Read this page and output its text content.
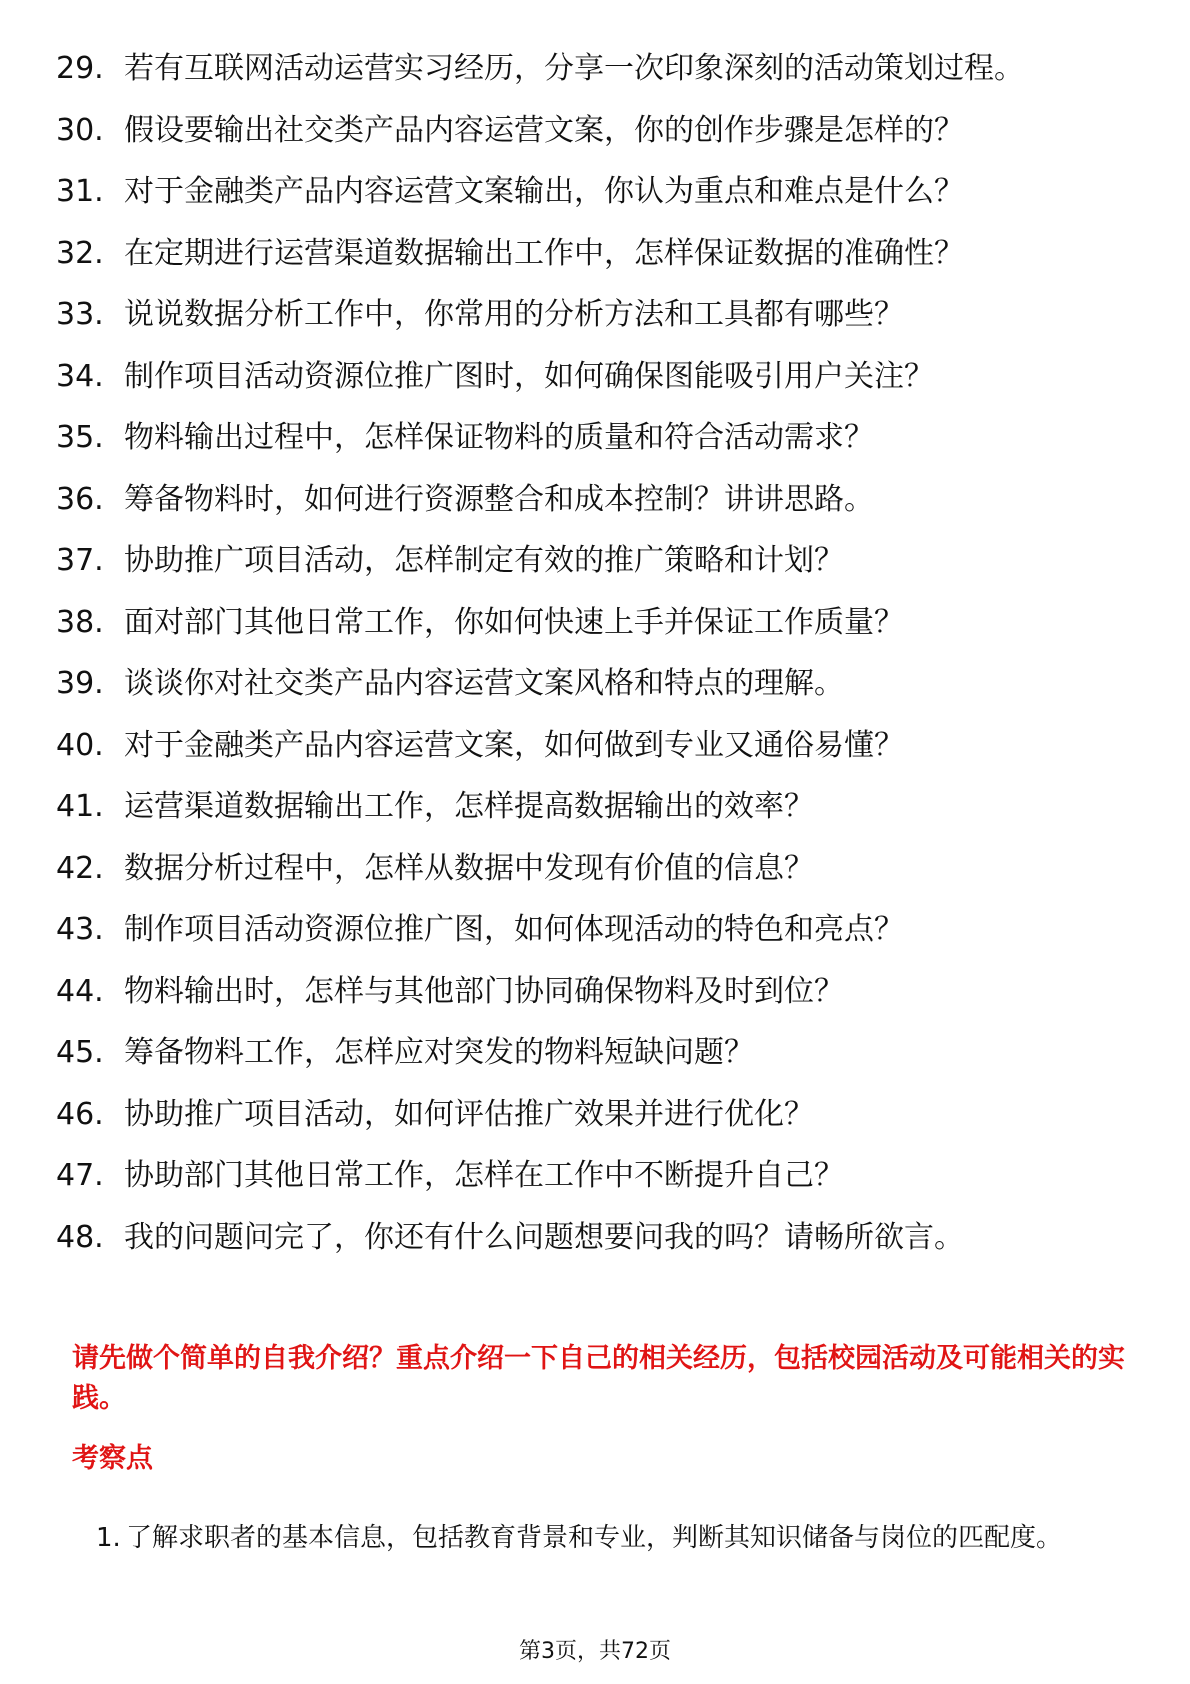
29. 若有互联网活动运营实习经历，分享一次印象深刻的活动策划过程。
30. 假设要输出社交类产品内容运营文案，你的创作步骤是怎样的？
31. 对于金融类产品内容运营文案输出，你认为重点和难点是什么？
32. 在定期进行运营渠道数据输出工作中，怎样保证数据的准确性？
33. 说说数据分析工作中，你常用的分析方法和工具都有哪些？
34. 制作项目活动资源位推广图时，如何确保图能吸引用户关注？
35. 物料输出过程中，怎样保证物料的质量和符合活动需求？
36. 筹备物料时，如何进行资源整合和成本控制？讲讲思路。
37. 协助推广项目活动，怎样制定有效的推广策略和计划？
38. 面对部门其他日常工作，你如何快速上手并保证工作质量？
39. 谈谈你对社交类产品内容运营文案风格和特点的理解。
40. 对于金融类产品内容运营文案，如何做到专业又通俗易懂？
41. 运营渠道数据输出工作，怎样提高数据输出的效率？
42. 数据分析过程中，怎样从数据中发现有价值的信息？
43. 制作项目活动资源位推广图，如何体现活动的特色和亮点？
44. 物料输出时，怎样与其他部门协同确保物料及时到位？
45. 筹备物料工作，怎样应对突发的物料短缺问题？
46. 协助推广项目活动，如何评估推广效果并进行优化？
47. 协助部门其他日常工作，怎样在工作中不断提升自己？
48. 我的问题问完了，你还有什么问题想要问我的吗？请畅所欲言。

请先做个简单的自我介绍？重点介绍一下自己的相关经历，包括校园活动及可能相关的实践。

考察点

1. 了解求职者的基本信息，包括教育背景和专业，判断其知识储备与岗位的匹配度。
第3页，共72页
